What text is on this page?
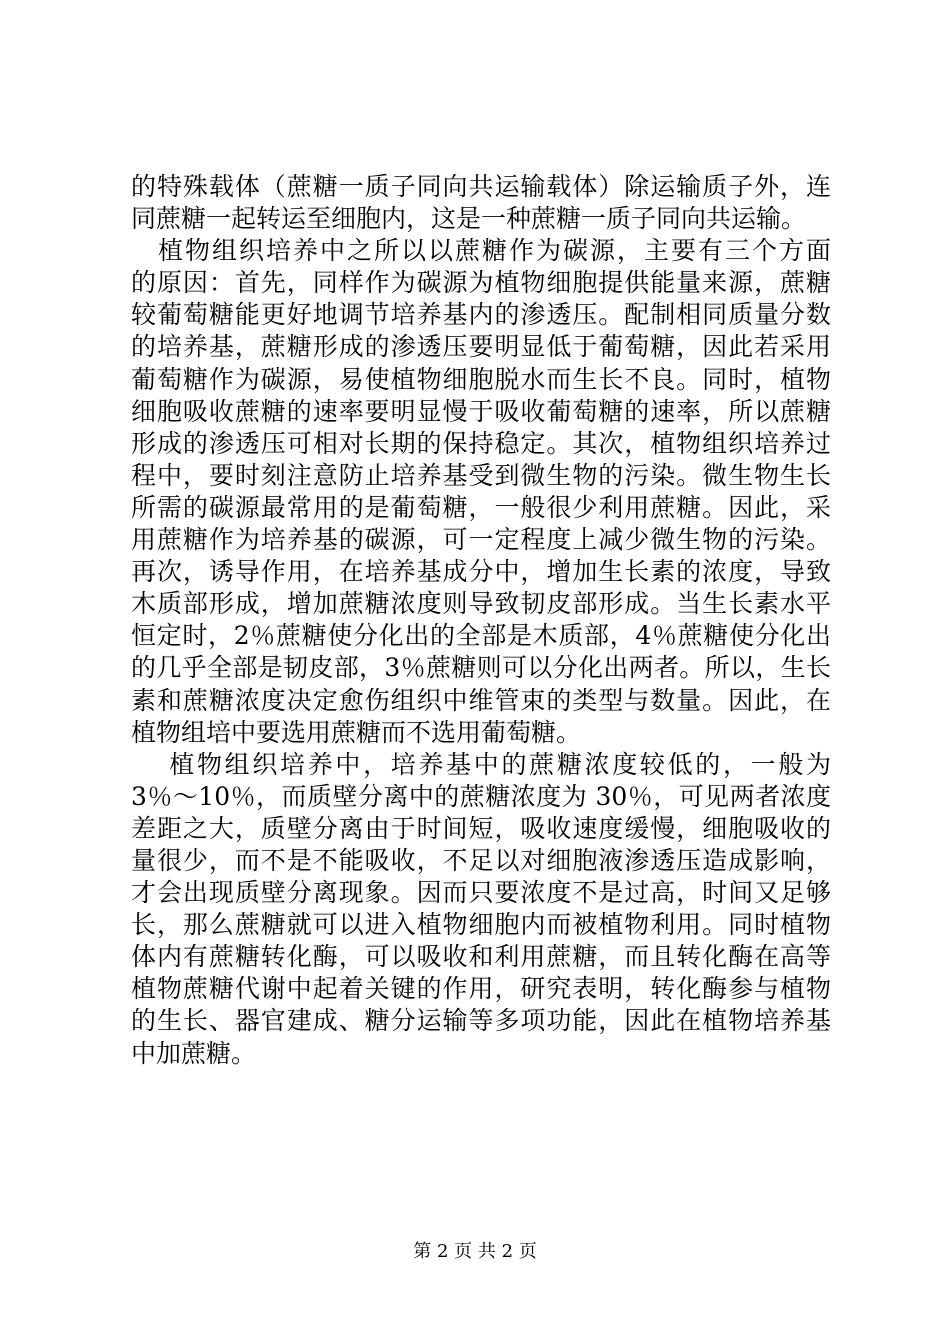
的特殊载体（蔗糖一质子同向共运输载体）除运输质子外，连
同蔗糖一起转运至细胞内，这是一种蔗糖一质子同向共运输。
　植物组织培养中之所以以蔗糖作为碳源，主要有三个方面
的原因：首先，同样作为碳源为植物细胞提供能量来源，蔗糖
较葡萄糖能更好地调节培养基内的渗透压。配制相同质量分数
的培养基，蔗糖形成的渗透压要明显低于葡萄糖，因此若采用
葡萄糖作为碳源，易使植物细胞脱水而生长不良。同时，植物
细胞吸收蔗糖的速率要明显慢于吸收葡萄糖的速率，所以蔗糖
形成的渗透压可相对长期的保持稳定。其次，植物组织培养过
程中，要时刻注意防止培养基受到微生物的污染。微生物生长
所需的碳源最常用的是葡萄糖，一般很少利用蔗糖。因此，采
用蔗糖作为培养基的碳源，可一定程度上减少微生物的污染。
再次，诱导作用，在培养基成分中，增加生长素的浓度，导致
木质部形成，增加蔗糖浓度则导致韧皮部形成。当生长素水平
恒定时，2％蔗糖使分化出的全部是木质部，4％蔗糖使分化出
的几乎全部是韧皮部，3％蔗糖则可以分化出两者。所以，生长
素和蔗糖浓度决定愈伤组织中维管束的类型与数量。因此，在
植物组培中要选用蔗糖而不选用葡萄糖。
　 植物组织培养中，培养基中的蔗糖浓度较低的，一般为
3％～10％，而质壁分离中的蔗糖浓度为 30％，可见两者浓度
差距之大，质壁分离由于时间短，吸收速度缓慢，细胞吸收的
量很少，而不是不能吸收，不足以对细胞液渗透压造成影响，
才会出现质壁分离现象。因而只要浓度不是过高，时间又足够
长，那么蔗糖就可以进入植物细胞内而被植物利用。同时植物
体内有蔗糖转化酶，可以吸收和利用蔗糖，而且转化酶在高等
植物蔗糖代谢中起着关键的作用，研究表明，转化酶参与植物
的生长、器官建成、糖分运输等多项功能，因此在植物培养基
中加蔗糖。
第 2 页 共 2 页
